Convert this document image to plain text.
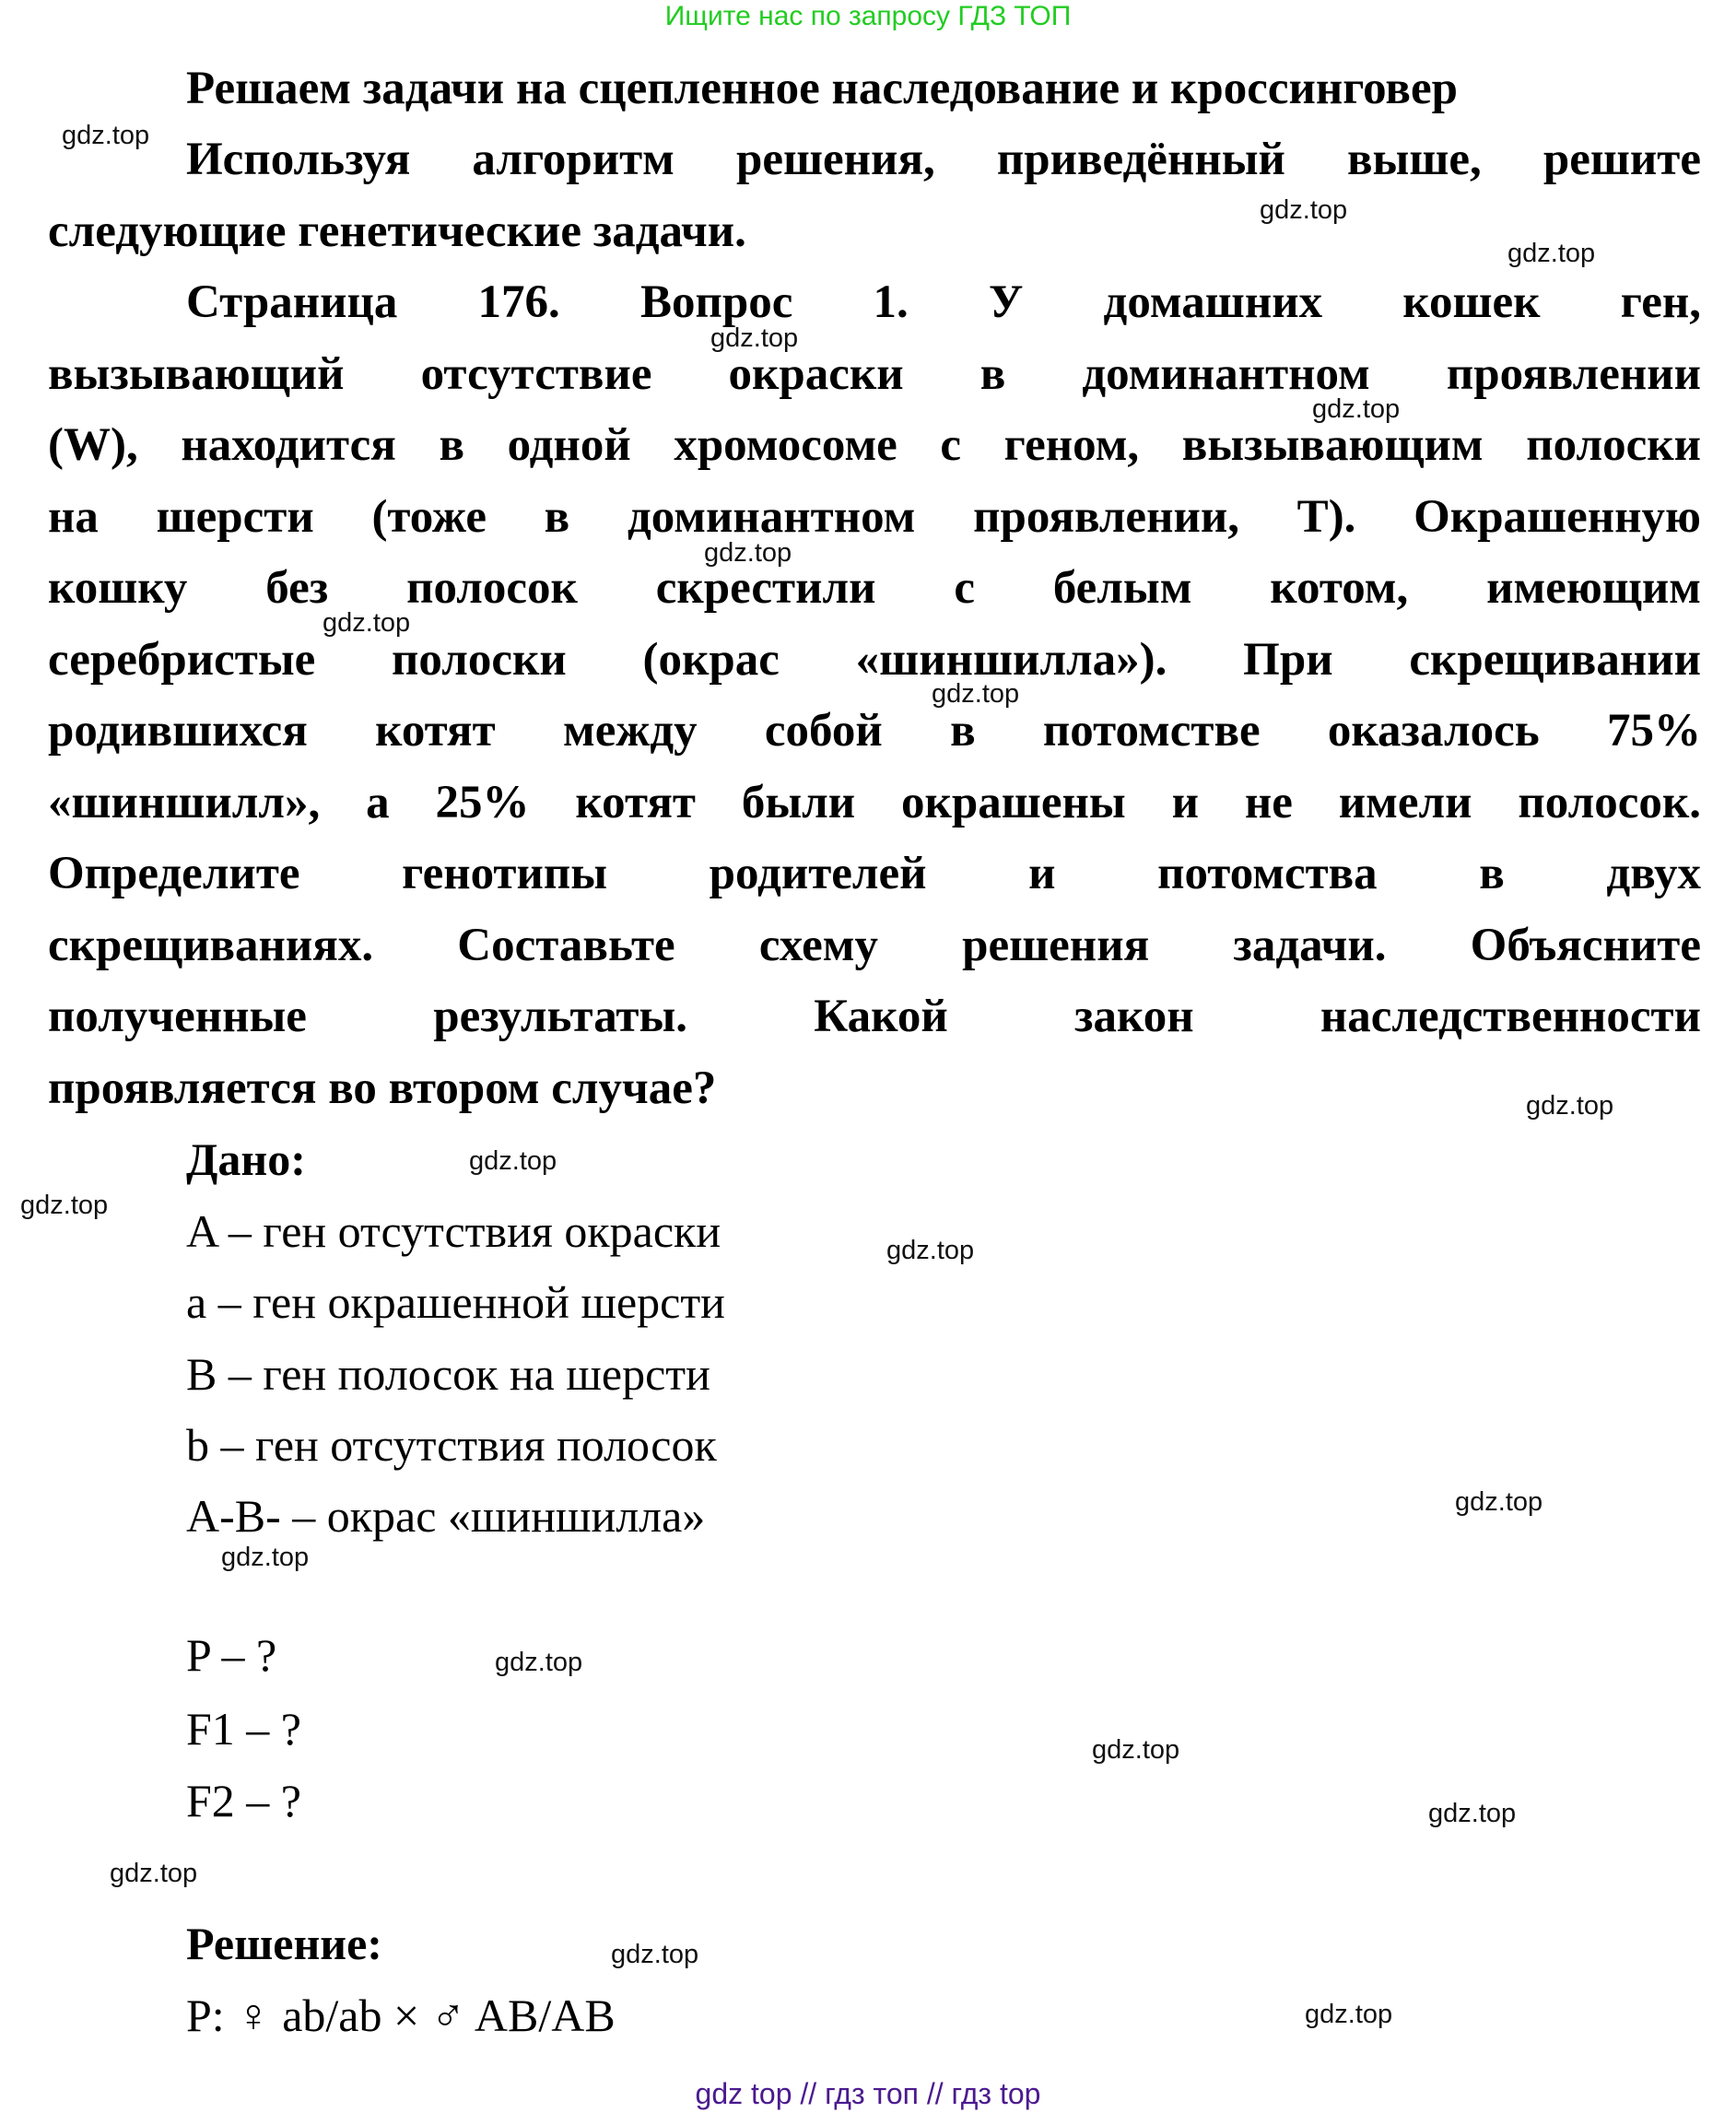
Ищите нас по запросу ГДЗ ТОП
Решаем задачи на сцепленное наследование и кроссинговер
Используя алгоритм решения, приведённый выше, решите
следующие генетические задачи.
Страница 176. Вопрос 1. У домашних кошек ген,
вызывающий отсутствие окраски в доминантном проявлении
(W), находится в одной хромосоме с геном, вызывающим полоски
на шерсти (тоже в доминантном проявлении, T). Окрашенную
кошку без полосок скрестили с белым котом, имеющим
серебристые полоски (окрас «шиншилла»). При скрещивании
родившихся котят между собой в потомстве оказалось 75%
«шиншилл», а 25% котят были окрашены и не имели полосок.
Определите генотипы родителей и потомства в двух
скрещиваниях. Составьте схему решения задачи. Объясните
полученные результаты. Какой закон наследственности
проявляется во втором случае?
Дано:
A – ген отсутствия окраски
a – ген окрашенной шерсти
B – ген полосок на шерсти
b – ген отсутствия полосок
A-B- – окрас «шиншилла»
P – ?
F1 – ?
F2 – ?
Решение:
P: ♀ ab/ab × ♂ AB/AB
gdz.top
gdz.top
gdz.top
gdz.top
gdz.top
gdz.top
gdz.top
gdz.top
gdz.top
gdz.top
gdz.top
gdz.top
gdz.top
gdz.top
gdz.top
gdz.top
gdz.top
gdz.top
gdz.top
gdz.top
gdz top // гдз топ // гдз top
